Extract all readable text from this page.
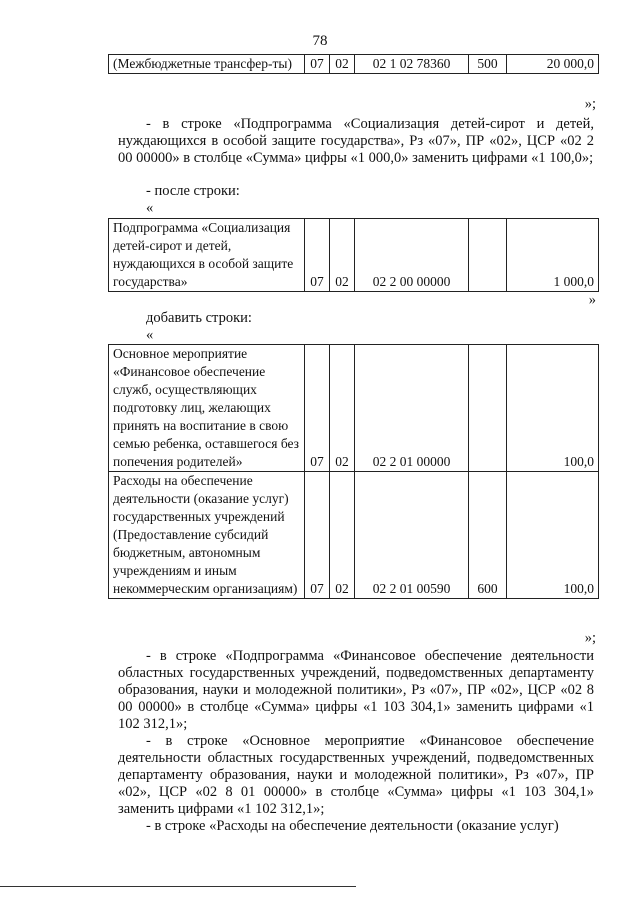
78
(Межбюджетные трансфер-ты)	07	02	02 1 02 78360	500	20 000,0
»;
- в строке «Подпрограмма «Социализация детей-сирот и детей, нуждающихся в особой защите государства», Рз «07», ПР «02», ЦСР «02 2 00 00000» в столбце «Сумма» цифры «1 000,0» заменить цифрами «1 100,0»;
- после строки:
«
Подпрограмма «Социализация детей-сирот и детей, нуждающихся в особой защите государства»	07	02	02 2 00 00000		1 000,0
»
добавить строки:
«
Основное мероприятие «Финансовое обеспечение служб, осуществляющих подготовку лиц, желающих принять на воспитание в свою семью ребенка, оставшегося без попечения родителей»	07	02	02 2 01 00000		100,0
Расходы на обеспечение деятельности (оказание услуг) государственных учреждений (Предоставление субсидий бюджетным, автономным учреждениям и иным некоммерческим организациям)	07	02	02 2 01 00590	600	100,0
»;
- в строке «Подпрограмма «Финансовое обеспечение деятельности областных государственных учреждений, подведомственных департаменту образования, науки и молодежной политики», Рз «07», ПР «02», ЦСР «02 8 00 00000» в столбце «Сумма» цифры «1 103 304,1» заменить цифрами «1 102 312,1»;
- в строке «Основное мероприятие «Финансовое обеспечение деятельности областных государственных учреждений, подведомственных департаменту образования, науки и молодежной политики», Рз «07», ПР «02», ЦСР «02 8 01 00000» в столбце «Сумма» цифры «1 103 304,1» заменить цифрами «1 102 312,1»;
- в строке «Расходы на обеспечение деятельности (оказание услуг)
